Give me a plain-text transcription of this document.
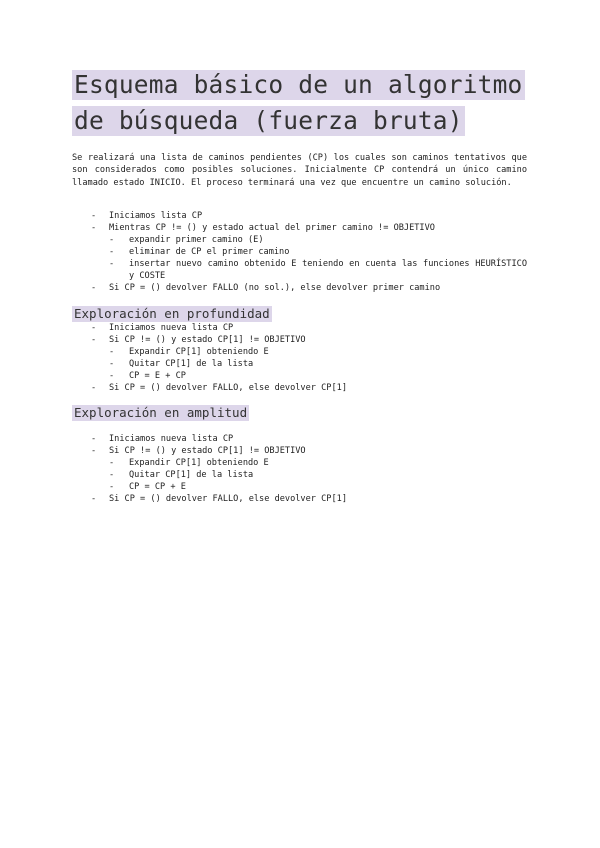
Esquema básico de un algoritmo
de búsqueda (fuerza bruta)

Se realizará una lista de caminos pendientes (CP) los cuales son caminos tentativos que son considerados como posibles soluciones. Inicialmente CP contendrá un único camino llamado estado INICIO. El proceso terminará una vez que encuentre un camino solución.

- Iniciamos lista CP
- Mientras CP != () y estado actual del primer camino != OBJETIVO
- expandir primer camino (E)
- eliminar de CP el primer camino
- insertar nuevo camino obtenido E teniendo en cuenta las funciones HEURÍSTICO y COSTE
- Si CP = () devolver FALLO (no sol.), else devolver primer camino
Exploración en profundidad
- Iniciamos nueva lista CP
- Si CP != () y estado CP[1] != OBJETIVO
- Expandir CP[1] obteniendo E
- Quitar CP[1] de la lista
- CP = E + CP
- Si CP = () devolver FALLO, else devolver CP[1]
Exploración en amplitud
- Iniciamos nueva lista CP
- Si CP != () y estado CP[1] != OBJETIVO
- Expandir CP[1] obteniendo E
- Quitar CP[1] de la lista
- CP = CP + E
- Si CP = () devolver FALLO, else devolver CP[1]
